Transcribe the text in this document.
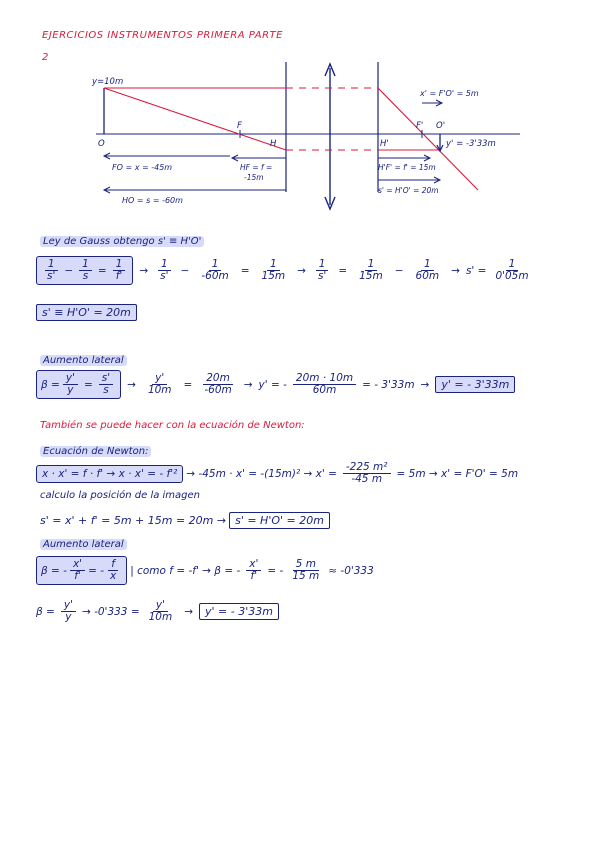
EJERCICIOS INSTRUMENTOS PRIMERA PARTE
2
y=10m
O
F
H	H'
F' O'
FO = x = -45m	HF = f =
-15m
HO = s = -60m
x' = F'O' = 5m
y' = -3'33m
H'F' = f' = 15m
s' = H'O' = 20m
Ley de Gauss obtengo s' ≡ H'O'
$\frac{1}{s'} - \frac{1}{s} = \frac{1}{f'} \to \frac{1}{s'} - \frac{1}{-60m} = \frac{1}{15m} \to \frac{1}{s'} = \frac{1}{15m} - \frac{1}{60m} \to s' = \frac{1}{0'05m}$
s' ≡ H'O' = 20m
Aumento lateral
$\beta = \frac{y'}{y} = \frac{s'}{s} \to \frac{y'}{10m} = \frac{20m}{-60m} \to y'$ = - $\frac{20m \cdot 10m}{60m}$ = - 3'33m →	y' = - 3'33m
También se puede hacer con la ecuación de Newton:
Ecuación de Newton:
x · x' = f · f' → x · x' = - $f'^2 \to -45m \cdot x' = -(15m)^2 \to x' = \frac{\text{-225 m²}}{-45 m} = 5m \to x' = F'O' = 5m$
calculo la posición de la imagen
s' = x' + f' = 5m + 15m = 20m → s' = H'O' = 20m
Aumento lateral
β = - $\frac{x'}{f'}$ = - $\frac{f}{x}$ | como f = -f' → β = - $\frac{x'}{f'}$ = - $\frac{5 m}{15 m} \approx -0'333$
$\beta = \frac{y'}{y} \to -0'333 = \frac{y'}{10m}$ →	y' = - 3'33m
